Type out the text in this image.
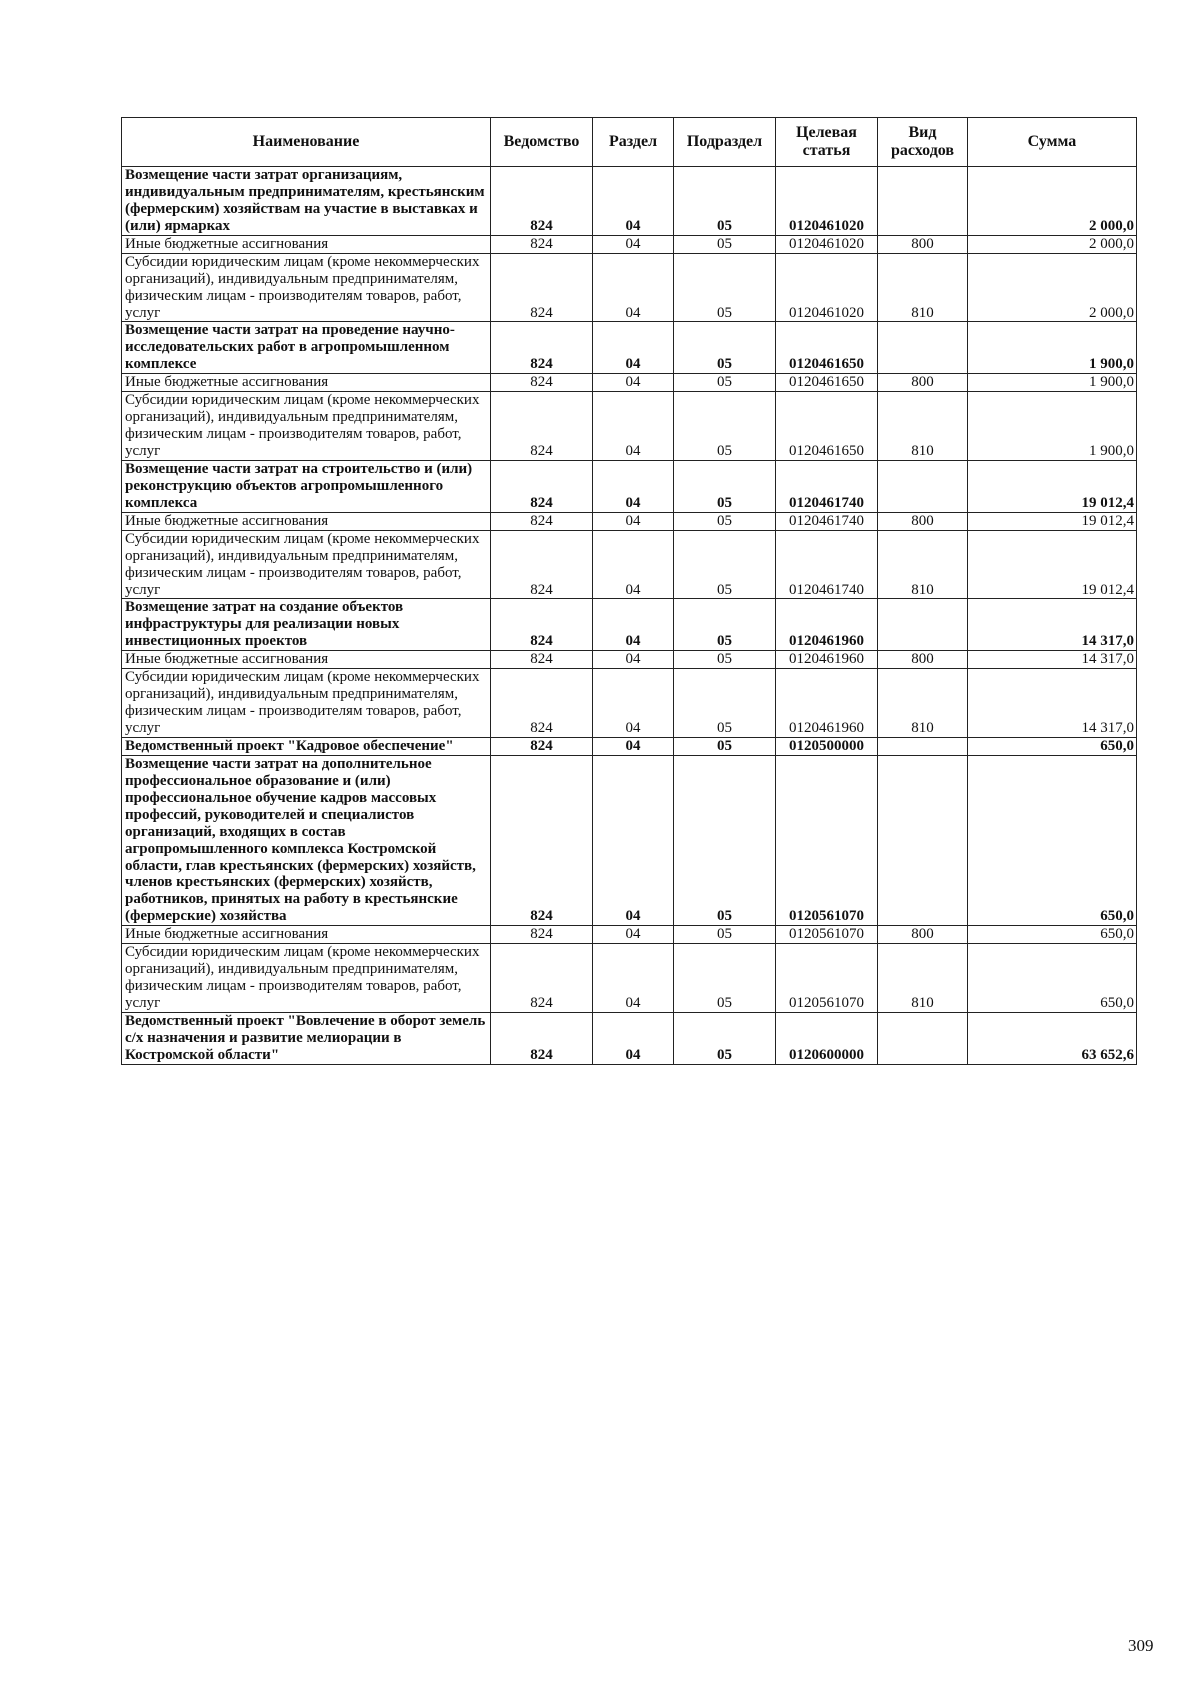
Наименование	Ведомство	Раздел	Подраздел	Целевая статья	Вид расходов	Сумма
Возмещение части затрат организациям, индивидуальным предпринимателям, крестьянским (фермерским) хозяйствам на участие в выставках и (или) ярмарках	824	04	05	0120461020		2 000,0
Иные бюджетные ассигнования	824	04	05	0120461020	800	2 000,0
Субсидии юридическим лицам (кроме некоммерческих организаций), индивидуальным предпринимателям, физическим лицам - производителям товаров, работ, услуг	824	04	05	0120461020	810	2 000,0
Возмещение части затрат на проведение научно-исследовательских работ в агропромышленном комплексе	824	04	05	0120461650		1 900,0
Иные бюджетные ассигнования	824	04	05	0120461650	800	1 900,0
Субсидии юридическим лицам (кроме некоммерческих организаций), индивидуальным предпринимателям, физическим лицам - производителям товаров, работ, услуг	824	04	05	0120461650	810	1 900,0
Возмещение части затрат на строительство и (или) реконструкцию объектов агропромышленного комплекса	824	04	05	0120461740		19 012,4
Иные бюджетные ассигнования	824	04	05	0120461740	800	19 012,4
Субсидии юридическим лицам (кроме некоммерческих организаций), индивидуальным предпринимателям, физическим лицам - производителям товаров, работ, услуг	824	04	05	0120461740	810	19 012,4
Возмещение затрат на создание объектов инфраструктуры для реализации новых инвестиционных проектов	824	04	05	0120461960		14 317,0
Иные бюджетные ассигнования	824	04	05	0120461960	800	14 317,0
Субсидии юридическим лицам (кроме некоммерческих организаций), индивидуальным предпринимателям, физическим лицам - производителям товаров, работ, услуг	824	04	05	0120461960	810	14 317,0
Ведомственный проект "Кадровое обеспечение"	824	04	05	0120500000		650,0
Возмещение части затрат на дополнительное профессиональное образование и (или) профессиональное обучение кадров массовых профессий, руководителей и специалистов организаций, входящих в состав агропромышленного комплекса Костромской области, глав крестьянских (фермерских) хозяйств, членов крестьянских (фермерских) хозяйств, работников, принятых на работу в крестьянские (фермерские) хозяйства	824	04	05	0120561070		650,0
Иные бюджетные ассигнования	824	04	05	0120561070	800	650,0
Субсидии юридическим лицам (кроме некоммерческих организаций), индивидуальным предпринимателям, физическим лицам - производителям товаров, работ, услуг	824	04	05	0120561070	810	650,0
Ведомственный проект "Вовлечение в оборот земель с/х назначения и развитие мелиорации в Костромской области"	824	04	05	0120600000		63 652,6
309
